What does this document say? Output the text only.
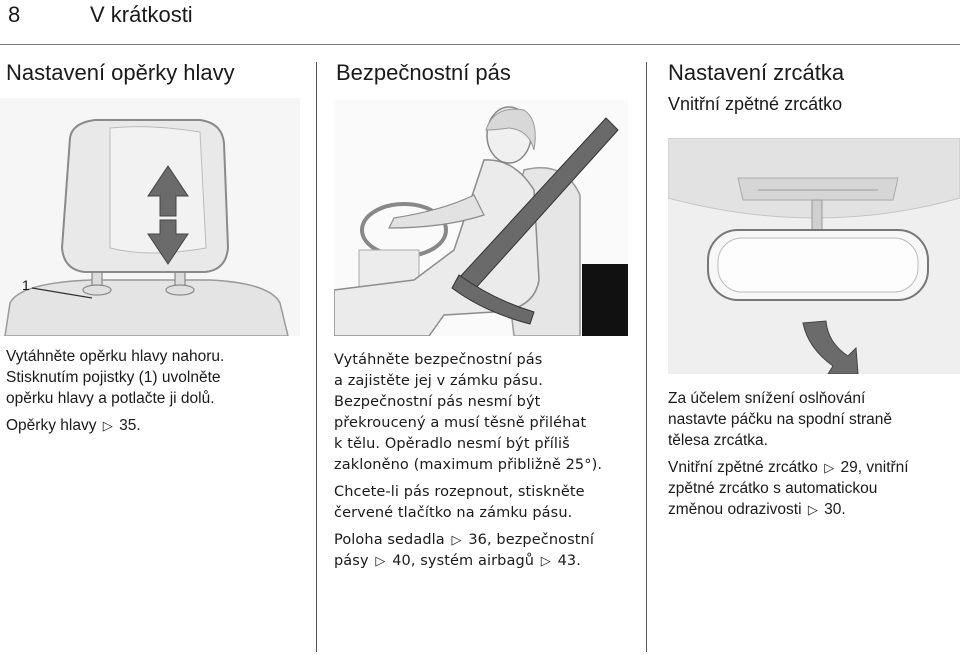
8	V krátkosti
Nastavení opěrky hlavy
1

Vytáhněte opěrku hlavy nahoru.
Stisknutím pojistky (1) uvolněte
opěrku hlavy a potlačte ji dolů.

Opěrky hlavy ▷ 35.

Bezpečnostní pás

Vytáhněte bezpečnostní pás
a zajistěte jej v zámku pásu.
Bezpečnostní pás nesmí být
překroucený a musí těsně přiléhat
k tělu. Opěradlo nesmí být příliš
zakloněno (maximum přibližně 25°).

Chcete-li pás rozepnout, stiskněte
červené tlačítko na zámku pásu.

Poloha sedadla ▷ 36, bezpečnostní
pásy ▷ 40, systém airbagů ▷ 43.

Nastavení zrcátka
Vnitřní zpětné zrcátko

Za účelem snížení oslňování
nastavte páčku na spodní straně
tělesa zrcátka.

Vnitřní zpětné zrcátko ▷ 29, vnitřní
zpětné zrcátko s automatickou
změnou odrazivosti ▷ 30.
